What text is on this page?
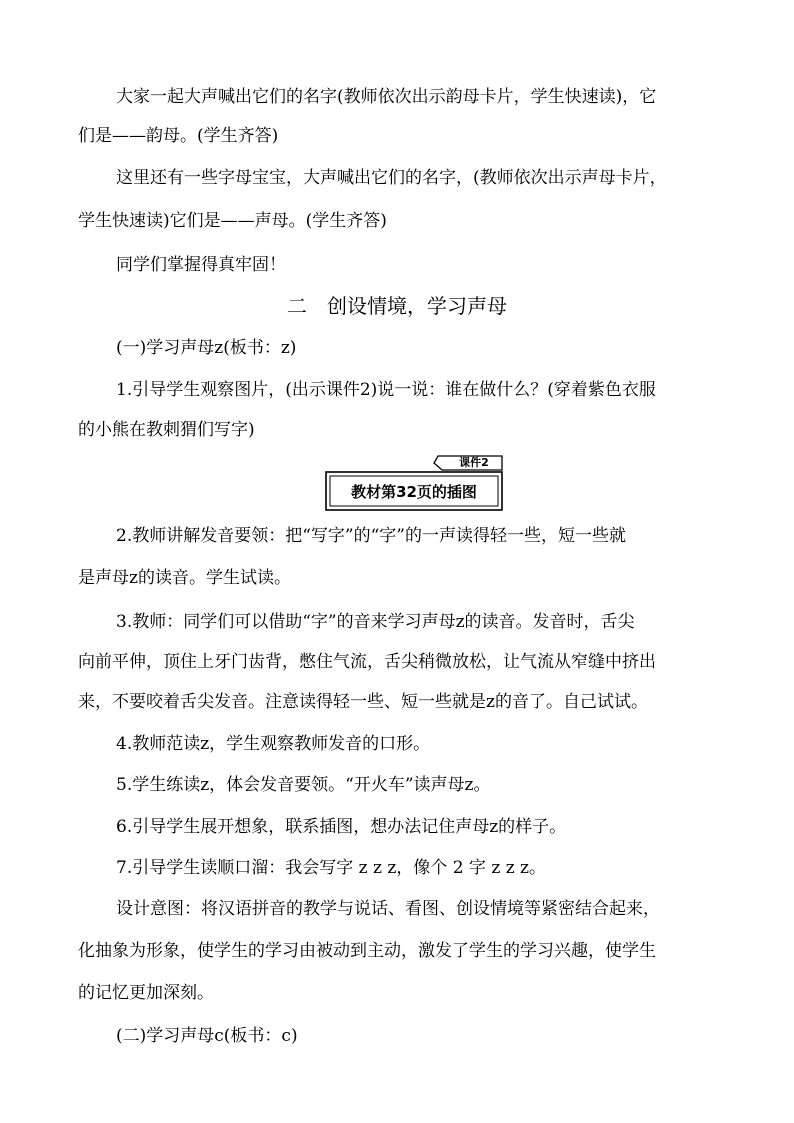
大家一起大声喊出它们的名字(教师依次出示韵母卡片，学生快速读)，它
们是——韵母。(学生齐答)
这里还有一些字母宝宝，大声喊出它们的名字，(教师依次出示声母卡片，
学生快速读)它们是——声母。(学生齐答)
同学们掌握得真牢固！
二　创设情境，学习声母
(一)学习声母z(板书：z)
1.引导学生观察图片，(出示课件2)说一说：谁在做什么？(穿着紫色衣服
的小熊在教刺猬们写字)
课件2
教材第32页的插图
2.教师讲解发音要领：把“写字”的“字”的一声读得轻一些，短一些就
是声母z的读音。学生试读。
3.教师：同学们可以借助“字”的音来学习声母z的读音。发音时，舌尖
向前平伸，顶住上牙门齿背，憋住气流，舌尖稍微放松，让气流从窄缝中挤出
来，不要咬着舌尖发音。注意读得轻一些、短一些就是z的音了。自己试试。
4.教师范读z，学生观察教师发音的口形。
5.学生练读z，体会发音要领。“开火车”读声母z。
6.引导学生展开想象，联系插图，想办法记住声母z的样子。
7.引导学生读顺口溜：我会写字 z z z，像个 2 字 z z z。
设计意图：将汉语拼音的教学与说话、看图、创设情境等紧密结合起来，
化抽象为形象，使学生的学习由被动到主动，激发了学生的学习兴趣，使学生
的记忆更加深刻。
(二)学习声母c(板书：c)
